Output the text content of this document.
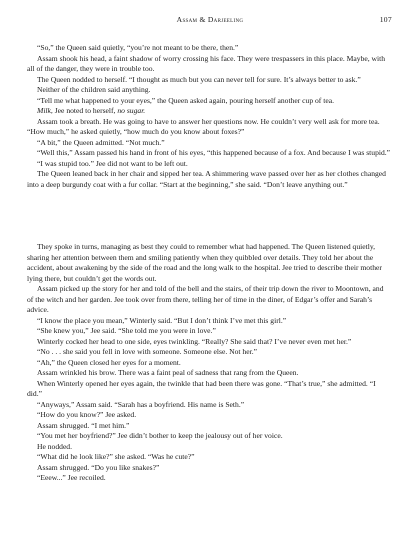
Assam & Darjeeling	107

“So,” the Queen said quietly, “you’re not meant to be there, then.”

Assam shook his head, a faint shadow of worry crossing his face. They were trespassers in this place. Maybe, with all of the danger, they were in trouble too.

The Queen nodded to herself. “I thought as much but you can never tell for sure. It’s always better to ask.”

Neither of the children said anything.

“Tell me what happened to your eyes,” the Queen asked again, pouring herself another cup of tea.

Milk, Jee noted to herself, no sugar.

Assam took a breath. He was going to have to answer her questions now. He couldn’t very well ask for more tea. “How much,” he asked quietly, “how much do you know about foxes?”

“A bit,” the Queen admitted. “Not much.”

“Well this,” Assam passed his hand in front of his eyes, “this happened because of a fox. And because I was stupid.”

“I was stupid too.” Jee did not want to be left out.

The Queen leaned back in her chair and sipped her tea. A shimmering wave passed over her as her clothes changed into a deep burgundy coat with a fur collar. “Start at the beginning,” she said. “Don’t leave anything out.”

They spoke in turns, managing as best they could to remember what had happened. The Queen listened quietly, sharing her attention between them and smiling patiently when they quibbled over details. They told her about the accident, about awakening by the side of the road and the long walk to the hospital. Jee tried to describe their mother lying there, but couldn’t get the words out.

Assam picked up the story for her and told of the bell and the stairs, of their trip down the river to Moontown, and of the witch and her garden. Jee took over from there, telling her of time in the diner, of Edgar’s offer and Sarah’s advice.

“I know the place you mean,” Winterly said. “But I don’t think I’ve met this girl.”

“She knew you,” Jee said. “She told me you were in love.”

Winterly cocked her head to one side, eyes twinkling. “Really? She said that? I’ve never even met her.”

“No . . . she said you fell in love with someone. Someone else. Not her.”

“Ah,” the Queen closed her eyes for a moment.

Assam wrinkled his brow. There was a faint peal of sadness that rang from the Queen.

When Winterly opened her eyes again, the twinkle that had been there was gone. “That’s true,” she admitted. “I did.”

“Anyways,” Assam said. “Sarah has a boyfriend. His name is Seth.”

“How do you know?” Jee asked.

Assam shrugged. “I met him.”

“You met her boyfriend?” Jee didn’t bother to keep the jealousy out of her voice.

He nodded.

“What did he look like?” she asked. “Was he cute?”

Assam shrugged. “Do you like snakes?”

“Eeew...” Jee recoiled.
